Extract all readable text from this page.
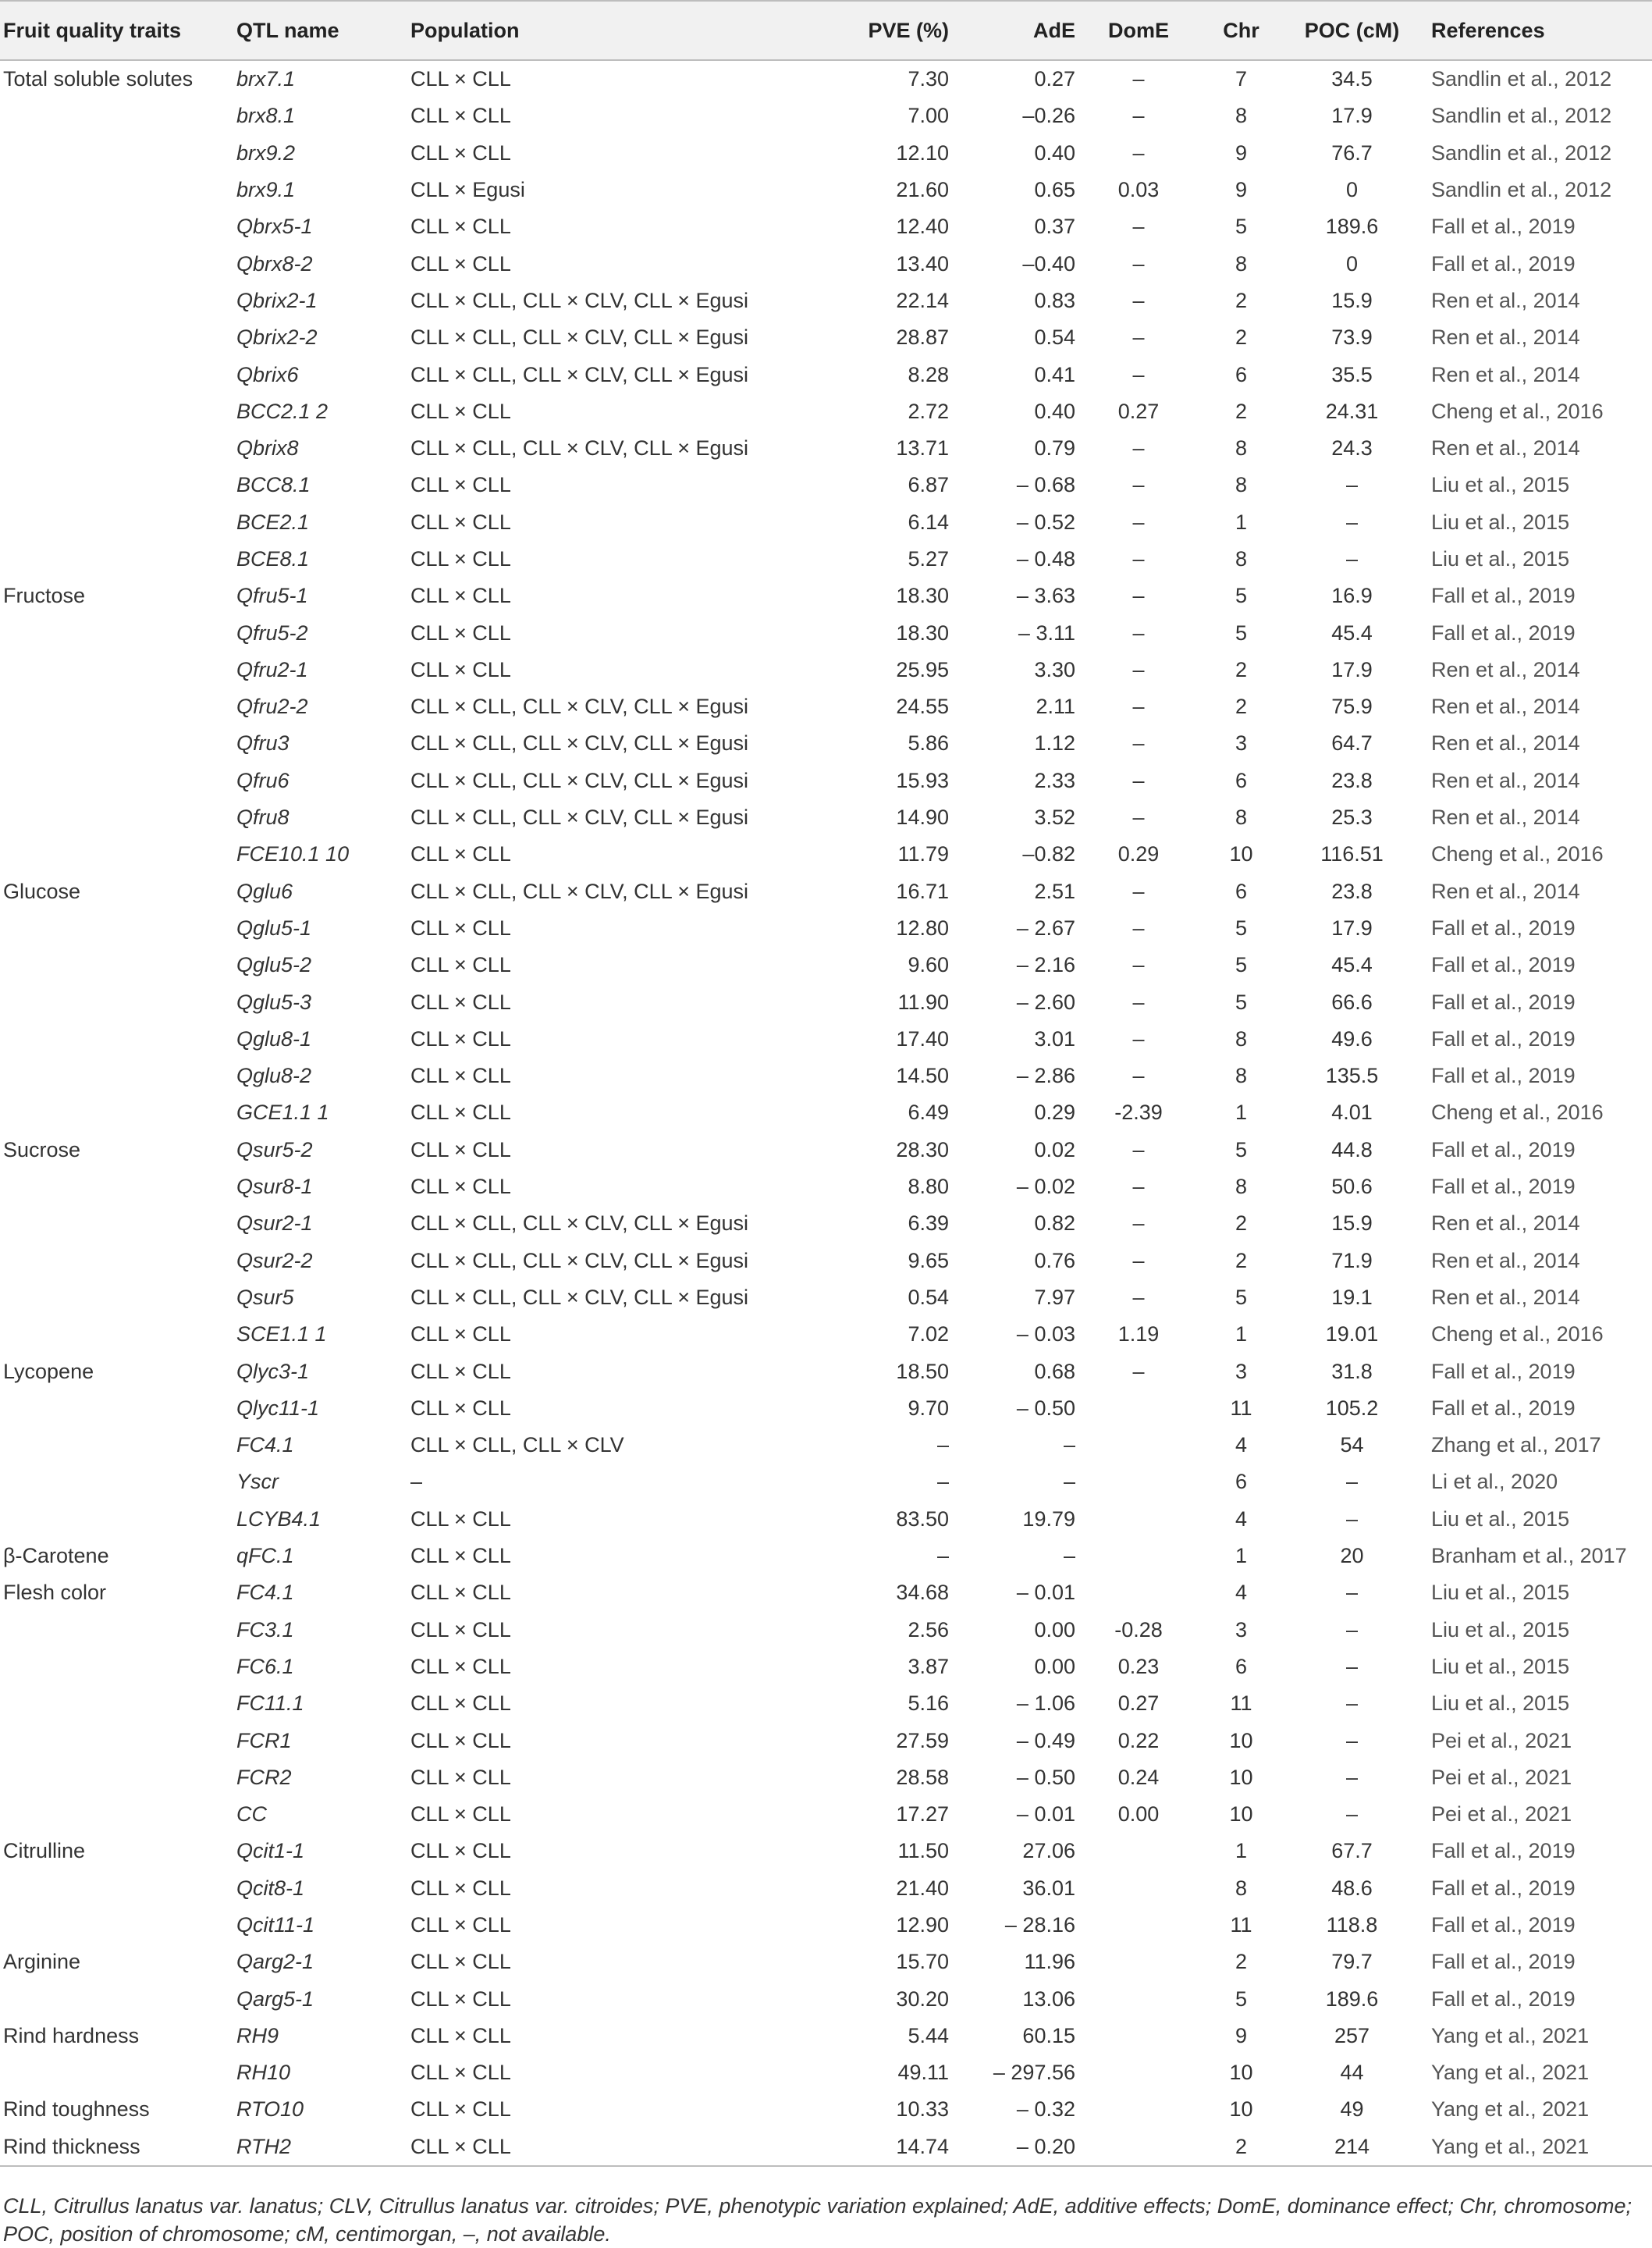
Fruit quality traits	QTL name	Population	PVE (%)	AdE	DomE	Chr	POC (cM)	References
Total soluble solutes	brx7.1	CLL × CLL	7.30	0.27	–	7	34.5	Sandlin et al., 2012
	brx8.1	CLL × CLL	7.00	–0.26	–	8	17.9	Sandlin et al., 2012
	brx9.2	CLL × CLL	12.10	0.40	–	9	76.7	Sandlin et al., 2012
	brx9.1	CLL × Egusi	21.60	0.65	0.03	9	0	Sandlin et al., 2012
	Qbrx5-1	CLL × CLL	12.40	0.37	–	5	189.6	Fall et al., 2019
	Qbrx8-2	CLL × CLL	13.40	–0.40	–	8	0	Fall et al., 2019
	Qbrix2-1	CLL × CLL, CLL × CLV, CLL × Egusi	22.14	0.83	–	2	15.9	Ren et al., 2014
	Qbrix2-2	CLL × CLL, CLL × CLV, CLL × Egusi	28.87	0.54	–	2	73.9	Ren et al., 2014
	Qbrix6	CLL × CLL, CLL × CLV, CLL × Egusi	8.28	0.41	–	6	35.5	Ren et al., 2014
	BCC2.1 2	CLL × CLL	2.72	0.40	0.27	2	24.31	Cheng et al., 2016
	Qbrix8	CLL × CLL, CLL × CLV, CLL × Egusi	13.71	0.79	–	8	24.3	Ren et al., 2014
	BCC8.1	CLL × CLL	6.87	– 0.68	–	8	–	Liu et al., 2015
	BCE2.1	CLL × CLL	6.14	– 0.52	–	1	–	Liu et al., 2015
	BCE8.1	CLL × CLL	5.27	– 0.48	–	8	–	Liu et al., 2015
Fructose	Qfru5-1	CLL × CLL	18.30	– 3.63	–	5	16.9	Fall et al., 2019
	Qfru5-2	CLL × CLL	18.30	– 3.11	–	5	45.4	Fall et al., 2019
	Qfru2-1	CLL × CLL	25.95	3.30	–	2	17.9	Ren et al., 2014
	Qfru2-2	CLL × CLL, CLL × CLV, CLL × Egusi	24.55	2.11	–	2	75.9	Ren et al., 2014
	Qfru3	CLL × CLL, CLL × CLV, CLL × Egusi	5.86	1.12	–	3	64.7	Ren et al., 2014
	Qfru6	CLL × CLL, CLL × CLV, CLL × Egusi	15.93	2.33	–	6	23.8	Ren et al., 2014
	Qfru8	CLL × CLL, CLL × CLV, CLL × Egusi	14.90	3.52	–	8	25.3	Ren et al., 2014
	FCE10.1 10	CLL × CLL	11.79	–0.82	0.29	10	116.51	Cheng et al., 2016
Glucose	Qglu6	CLL × CLL, CLL × CLV, CLL × Egusi	16.71	2.51	–	6	23.8	Ren et al., 2014
	Qglu5-1	CLL × CLL	12.80	– 2.67	–	5	17.9	Fall et al., 2019
	Qglu5-2	CLL × CLL	9.60	– 2.16	–	5	45.4	Fall et al., 2019
	Qglu5-3	CLL × CLL	11.90	– 2.60	–	5	66.6	Fall et al., 2019
	Qglu8-1	CLL × CLL	17.40	3.01	–	8	49.6	Fall et al., 2019
	Qglu8-2	CLL × CLL	14.50	– 2.86	–	8	135.5	Fall et al., 2019
	GCE1.1 1	CLL × CLL	6.49	0.29	-2.39	1	4.01	Cheng et al., 2016
Sucrose	Qsur5-2	CLL × CLL	28.30	0.02	–	5	44.8	Fall et al., 2019
	Qsur8-1	CLL × CLL	8.80	– 0.02	–	8	50.6	Fall et al., 2019
	Qsur2-1	CLL × CLL, CLL × CLV, CLL × Egusi	6.39	0.82	–	2	15.9	Ren et al., 2014
	Qsur2-2	CLL × CLL, CLL × CLV, CLL × Egusi	9.65	0.76	–	2	71.9	Ren et al., 2014
	Qsur5	CLL × CLL, CLL × CLV, CLL × Egusi	0.54	7.97	–	5	19.1	Ren et al., 2014
	SCE1.1 1	CLL × CLL	7.02	– 0.03	1.19	1	19.01	Cheng et al., 2016
Lycopene	Qlyc3-1	CLL × CLL	18.50	0.68	–	3	31.8	Fall et al., 2019
	Qlyc11-1	CLL × CLL	9.70	– 0.50		11	105.2	Fall et al., 2019
	FC4.1	CLL × CLL, CLL × CLV	–	–		4	54	Zhang et al., 2017
	Yscr	–	–	–		6	–	Li et al., 2020
	LCYB4.1	CLL × CLL	83.50	19.79		4	–	Liu et al., 2015
β-Carotene	qFC.1	CLL × CLL	–	–		1	20	Branham et al., 2017
Flesh color	FC4.1	CLL × CLL	34.68	– 0.01		4	–	Liu et al., 2015
	FC3.1	CLL × CLL	2.56	0.00	-0.28	3	–	Liu et al., 2015
	FC6.1	CLL × CLL	3.87	0.00	0.23	6	–	Liu et al., 2015
	FC11.1	CLL × CLL	5.16	– 1.06	0.27	11	–	Liu et al., 2015
	FCR1	CLL × CLL	27.59	– 0.49	0.22	10	–	Pei et al., 2021
	FCR2	CLL × CLL	28.58	– 0.50	0.24	10	–	Pei et al., 2021
	CC	CLL × CLL	17.27	– 0.01	0.00	10	–	Pei et al., 2021
Citrulline	Qcit1-1	CLL × CLL	11.50	27.06		1	67.7	Fall et al., 2019
	Qcit8-1	CLL × CLL	21.40	36.01		8	48.6	Fall et al., 2019
	Qcit11-1	CLL × CLL	12.90	– 28.16		11	118.8	Fall et al., 2019
Arginine	Qarg2-1	CLL × CLL	15.70	11.96		2	79.7	Fall et al., 2019
	Qarg5-1	CLL × CLL	30.20	13.06		5	189.6	Fall et al., 2019
Rind hardness	RH9	CLL × CLL	5.44	60.15		9	257	Yang et al., 2021
	RH10	CLL × CLL	49.11	– 297.56		10	44	Yang et al., 2021
Rind toughness	RTO10	CLL × CLL	10.33	– 0.32		10	49	Yang et al., 2021
Rind thickness	RTH2	CLL × CLL	14.74	– 0.20		2	214	Yang et al., 2021
CLL, Citrullus lanatus var. lanatus; CLV, Citrullus lanatus var. citroides; PVE, phenotypic variation explained; AdE, additive effects; DomE, dominance effect; Chr, chromosome; POC, position of chromosome; cM, centimorgan, –, not available.
